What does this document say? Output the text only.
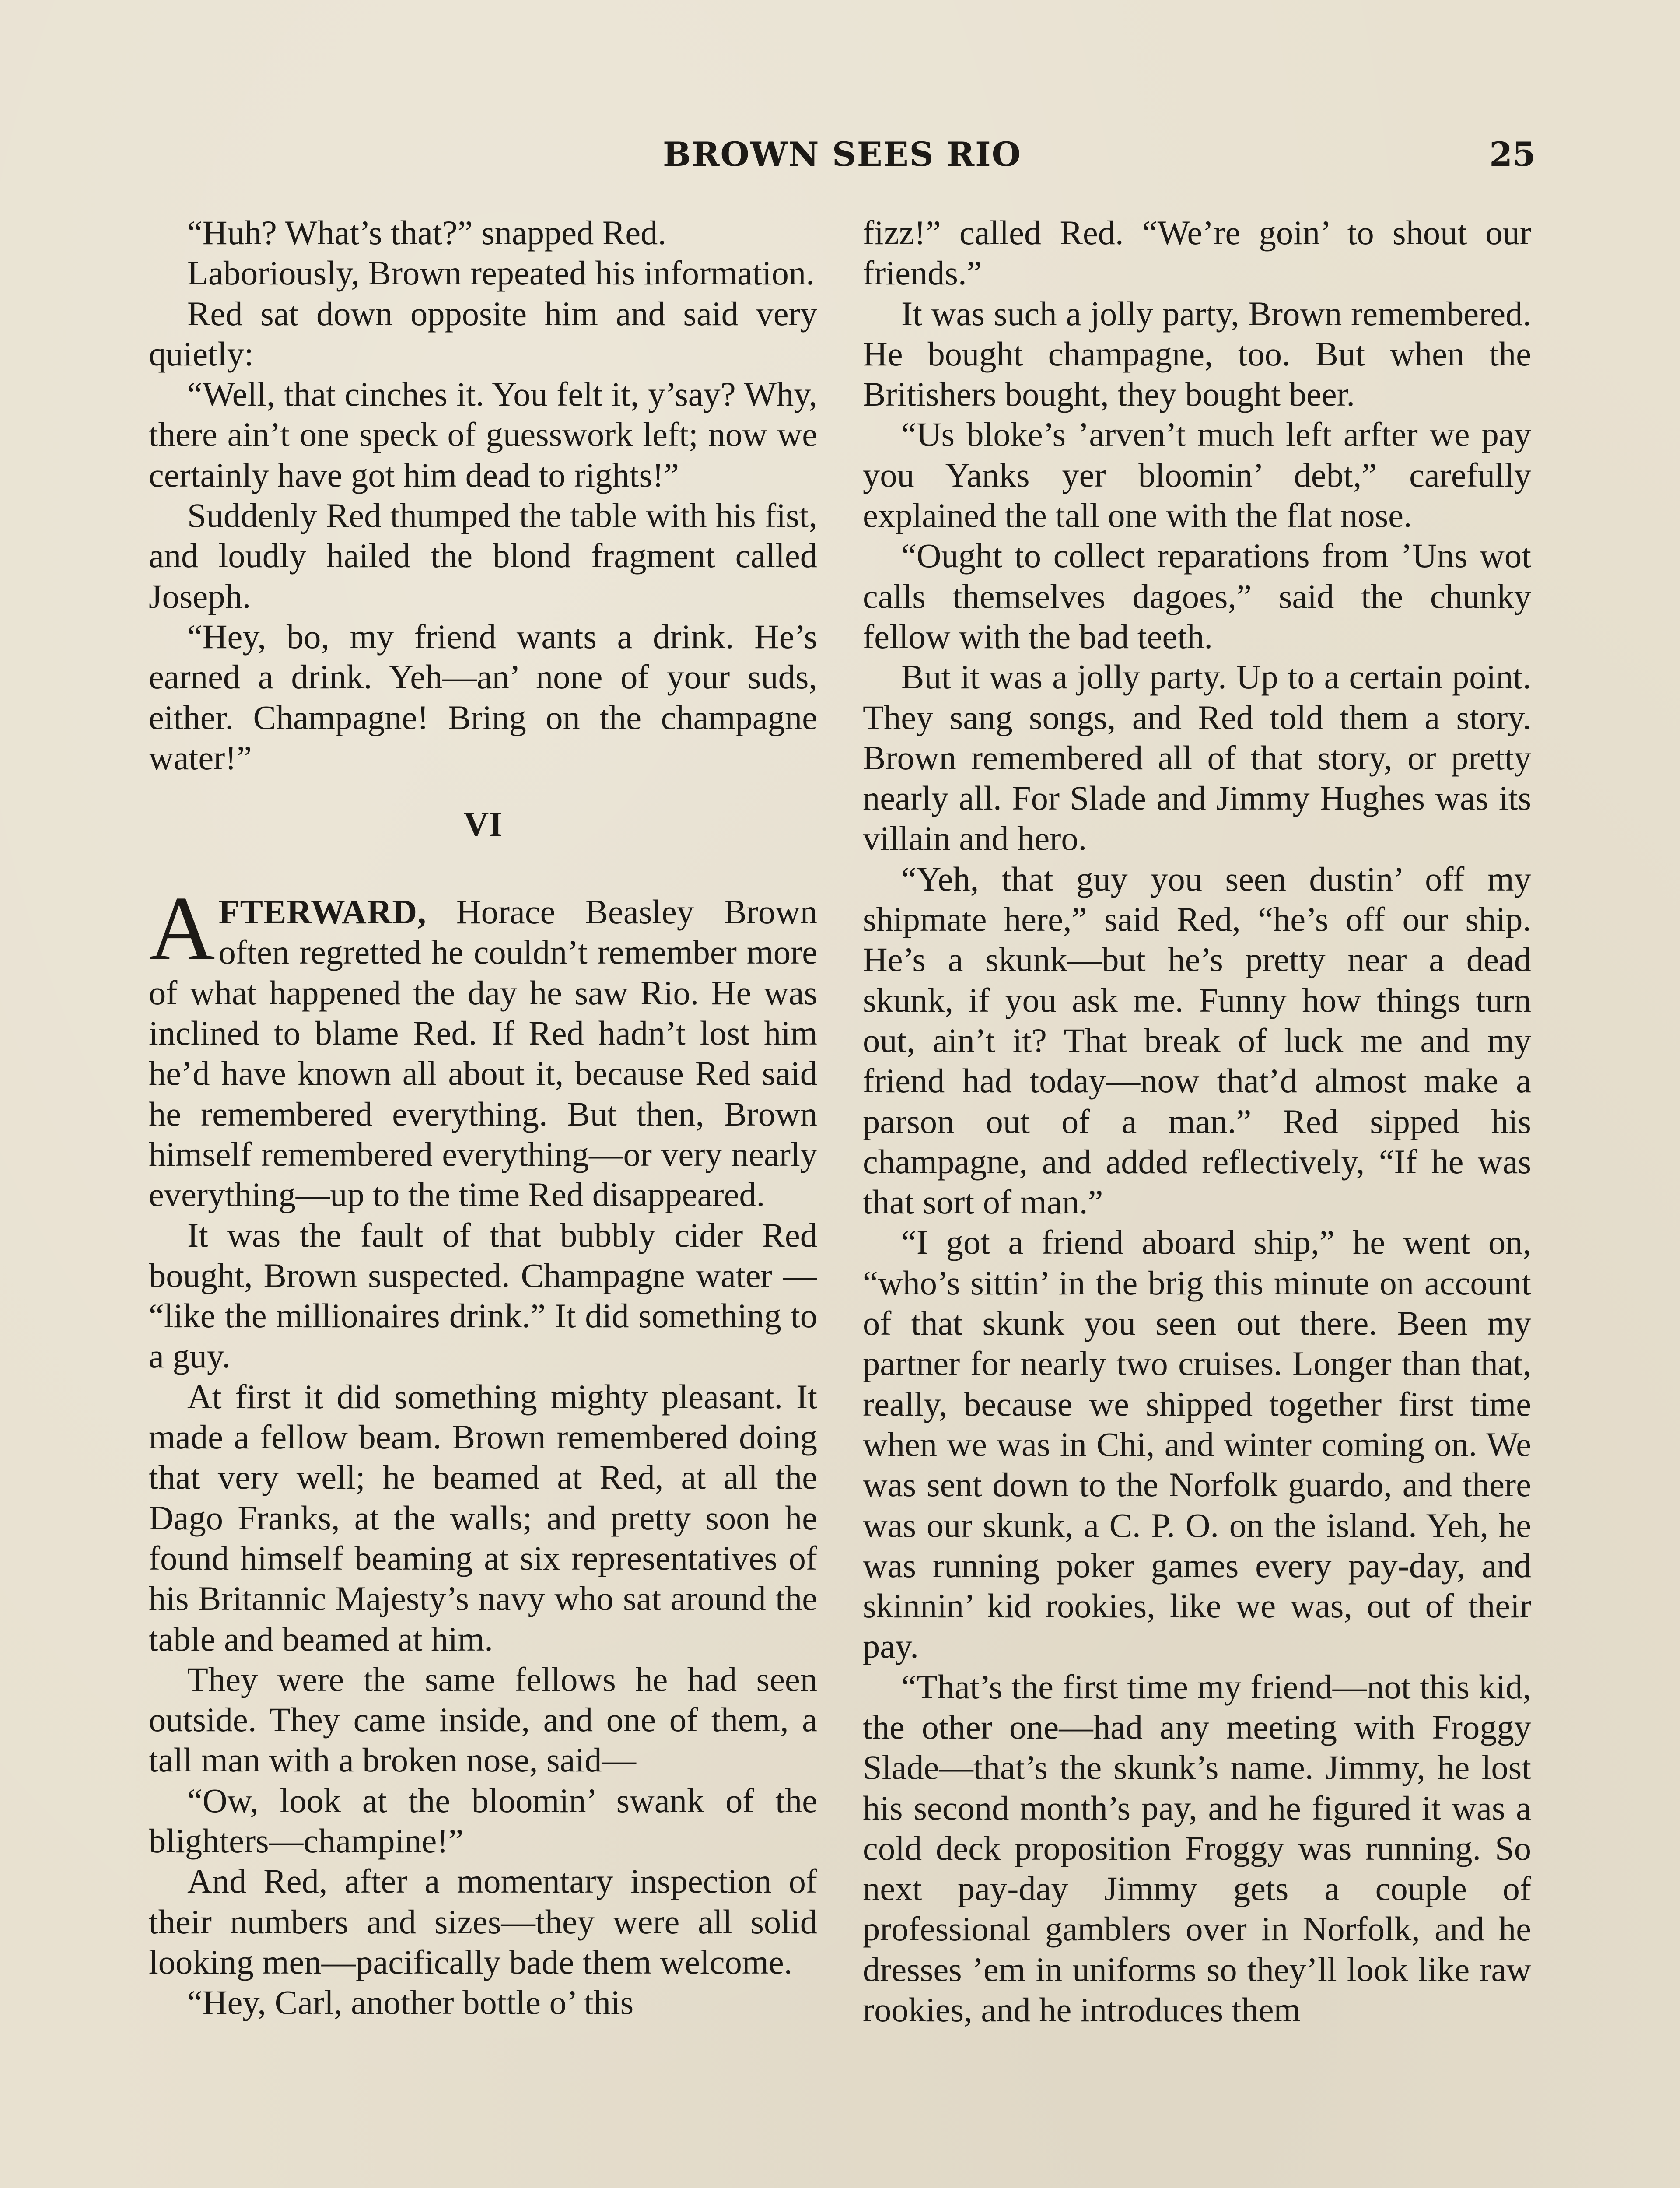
BROWN SEES RIO	25

“Huh? What’s that?” snapped Red.

Laboriously, Brown repeated his information.

Red sat down opposite him and said very quietly:

“Well, that cinches it. You felt it, y’say? Why, there ain’t one speck of guesswork left; now we certainly have got him dead to rights!”

Suddenly Red thumped the table with his fist, and loudly hailed the blond fragment called Joseph.

“Hey, bo, my friend wants a drink. He’s earned a drink. Yeh—an’ none of your suds, either. Champagne! Bring on the champagne water!”

VI

AFTERWARD, Horace Beasley Brown often regretted he couldn’t remember more of what happened the day he saw Rio. He was inclined to blame Red. If Red hadn’t lost him he’d have known all about it, because Red said he remembered everything. But then, Brown himself remembered everything—or very nearly everything—up to the time Red disappeared.

It was the fault of that bubbly cider Red bought, Brown suspected. Champagne water — “like the millionaires drink.” It did something to a guy.

At first it did something mighty pleasant. It made a fellow beam. Brown remembered doing that very well; he beamed at Red, at all the Dago Franks, at the walls; and pretty soon he found himself beaming at six representatives of his Britannic Majesty’s navy who sat around the table and beamed at him.

They were the same fellows he had seen outside. They came inside, and one of them, a tall man with a broken nose, said—

“Ow, look at the bloomin’ swank of the blighters—champine!”

And Red, after a momentary inspection of their numbers and sizes—they were all solid looking men—pacifically bade them welcome.

“Hey, Carl, another bottle o’ this

fizz!” called Red. “We’re goin’ to shout our friends.”

It was such a jolly party, Brown remembered. He bought champagne, too. But when the Britishers bought, they bought beer.

“Us bloke’s ’arven’t much left arfter we pay you Yanks yer bloomin’ debt,” carefully explained the tall one with the flat nose.

“Ought to collect reparations from ’Uns wot calls themselves dagoes,” said the chunky fellow with the bad teeth.

But it was a jolly party. Up to a certain point. They sang songs, and Red told them a story. Brown remembered all of that story, or pretty nearly all. For Slade and Jimmy Hughes was its villain and hero.

“Yeh, that guy you seen dustin’ off my shipmate here,” said Red, “he’s off our ship. He’s a skunk—but he’s pretty near a dead skunk, if you ask me. Funny how things turn out, ain’t it? That break of luck me and my friend had today—now that’d almost make a parson out of a man.” Red sipped his champagne, and added reflectively, “If he was that sort of man.”

“I got a friend aboard ship,” he went on, “who’s sittin’ in the brig this minute on account of that skunk you seen out there. Been my partner for nearly two cruises. Longer than that, really, because we shipped together first time when we was in Chi, and winter coming on. We was sent down to the Norfolk guardo, and there was our skunk, a C. P. O. on the island. Yeh, he was running poker games every pay-day, and skinnin’ kid rookies, like we was, out of their pay.

“That’s the first time my friend—not this kid, the other one—had any meeting with Froggy Slade—that’s the skunk’s name. Jimmy, he lost his second month’s pay, and he figured it was a cold deck proposition Froggy was running. So next pay-day Jimmy gets a couple of professional gamblers over in Norfolk, and he dresses ’em in uniforms so they’ll look like raw rookies, and he introduces them
